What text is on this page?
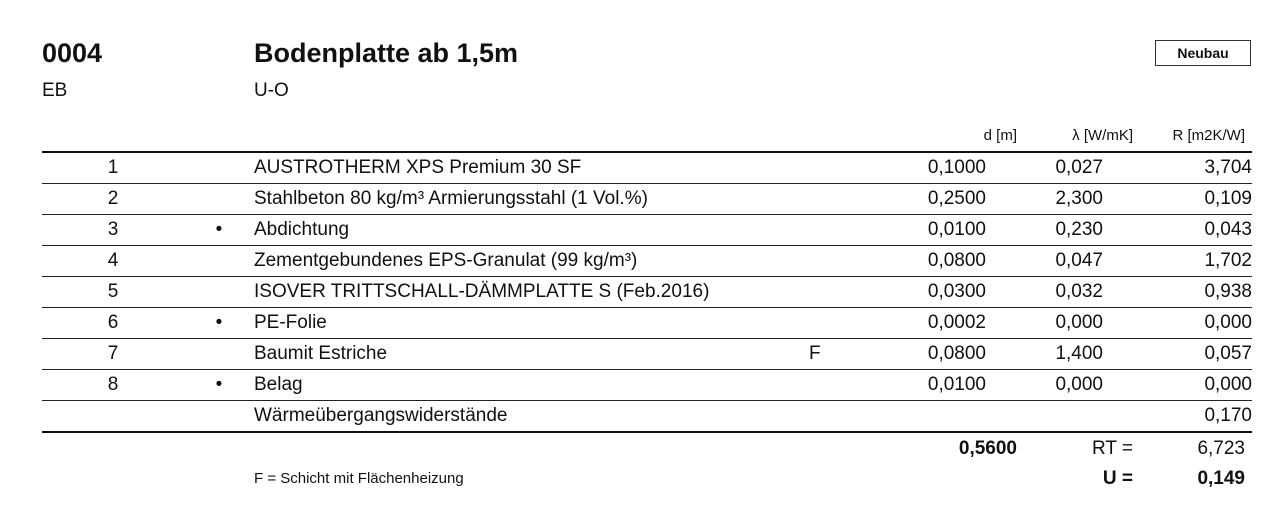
0004	Bodenplatte ab 1,5m
EB	U-O
Neubau
d [m]	λ [W/mK]	R [m2K/W]
1		AUSTROTHERM XPS Premium 30 SF		0,1000	0,027	3,704
2		Stahlbeton 80 kg/m³ Armierungsstahl (1 Vol.%)		0,2500	2,300	0,109
3	•	Abdichtung		0,0100	0,230	0,043
4		Zementgebundenes EPS-Granulat (99 kg/m³)		0,0800	0,047	1,702
5		ISOVER TRITTSCHALL-DÄMMPLATTE S (Feb.2016)		0,0300	0,032	0,938
6	•	PE-Folie		0,0002	0,000	0,000
7		Baumit Estriche	F	0,0800	1,400	0,057
8	•	Belag		0,0100	0,000	0,000
		Wärmeübergangswiderstände				0,170
0,5600	RT =	6,723
U =	0,149
F = Schicht mit Flächenheizung
